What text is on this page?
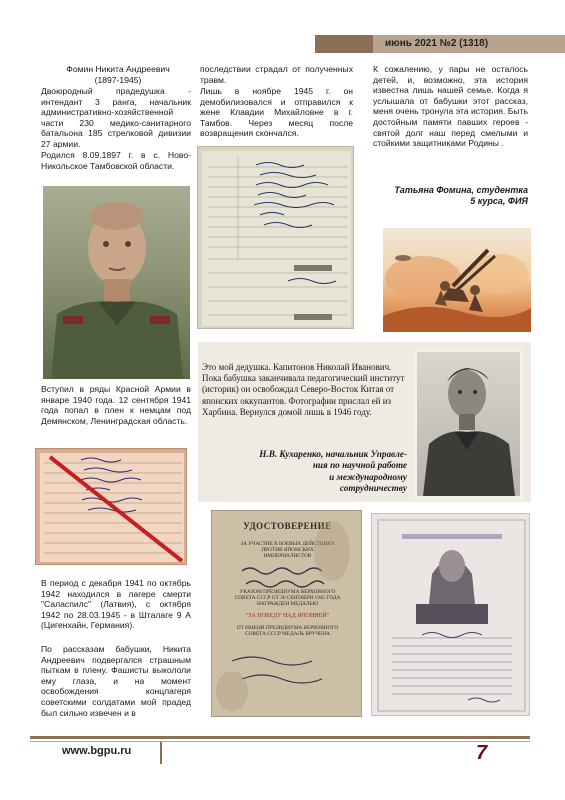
июнь 2021 №2 (1318)
Фомин Никита Андреевич
(1897-1945)

Двоюродный прадедушка - интендант 3 ранга, начальник административно-хозяйственной части 230 медико-санитарного батальона 185 стрелковой дивизии 27 армии.

Родился 8.09.1897 г. в с. Ново-Никольское Тамбовской области.

Вступил в ряды Красной Армии в январе 1940 года. 12 сентября 1941 года попал в плен к немцам под Демянском, Ленинградская область.

В период с декабря 1941 по октябрь 1942 находился в лагере смерти "Саласпилс" (Латвия), с октября 1942 по 28.03.1945 - в Шталаге 9 А (Цигенхайн, Германия).

По рассказам бабушки, Никита Андреевич подвергался страшным пыткам в плену. Фашисты выкололи ему глаза, и на момент освобождения концлагеря советскими солдатами мой прадед был сильно извечен и в

последствии страдал от полученных травм.

Лишь в ноябре 1945 г. он демобилизовался и отправился к жене Клавдии Михайловне в г. Тамбов. Через месяц после возвращения скончался.

К сожалению, у пары не осталось детей, и, возможно, эта история известна лишь нашей семье. Когда я услышала от бабушки этот рассказ, меня очень тронула эта история. Быть достойным памяти павших героев - святой долг наш перед смелыми и стойкими защитниками Родины .

Татьяна Фомина, студентка
5 курса, ФИЯ

Это мой дедушка. Капитонов Николай Иванович. Пока бабушка заканчивала педагогический институт (историк) он освобождал Северо-Восток Китая от японских оккупантов. Фотографии прислал ей из Харбина. Вернулся домой лишь в 1946 году.

Н.В. Кухаренко, начальник Управле-
ния по научной работе
и международному
сотрудничеству
УДОСТОВЕРЕНИЕ
ЗА УЧАСТИЕ В БОЕВЫХ ДЕЙСТВИЯХ
ПРОТИВ ЯПОНСКИХ
ИМПЕРИАЛИСТОВ
УКАЗОМ ПРЕЗИДИУМА ВЕРХОВНОГО
СОВЕТА СССР ОТ 30 СЕНТЯБРЯ 1945 ГОДА
НАГРАЖДЕН МЕДАЛЬЮ
"ЗА ПОБЕДУ НАД ЯПОНИЕЙ"
ОТ ИМЕНИ ПРЕЗИДИУМА ВЕРХОВНОГО
СОВЕТА СССР МЕДАЛЬ ВРУЧЕНА
www.bgpu.ru	7
